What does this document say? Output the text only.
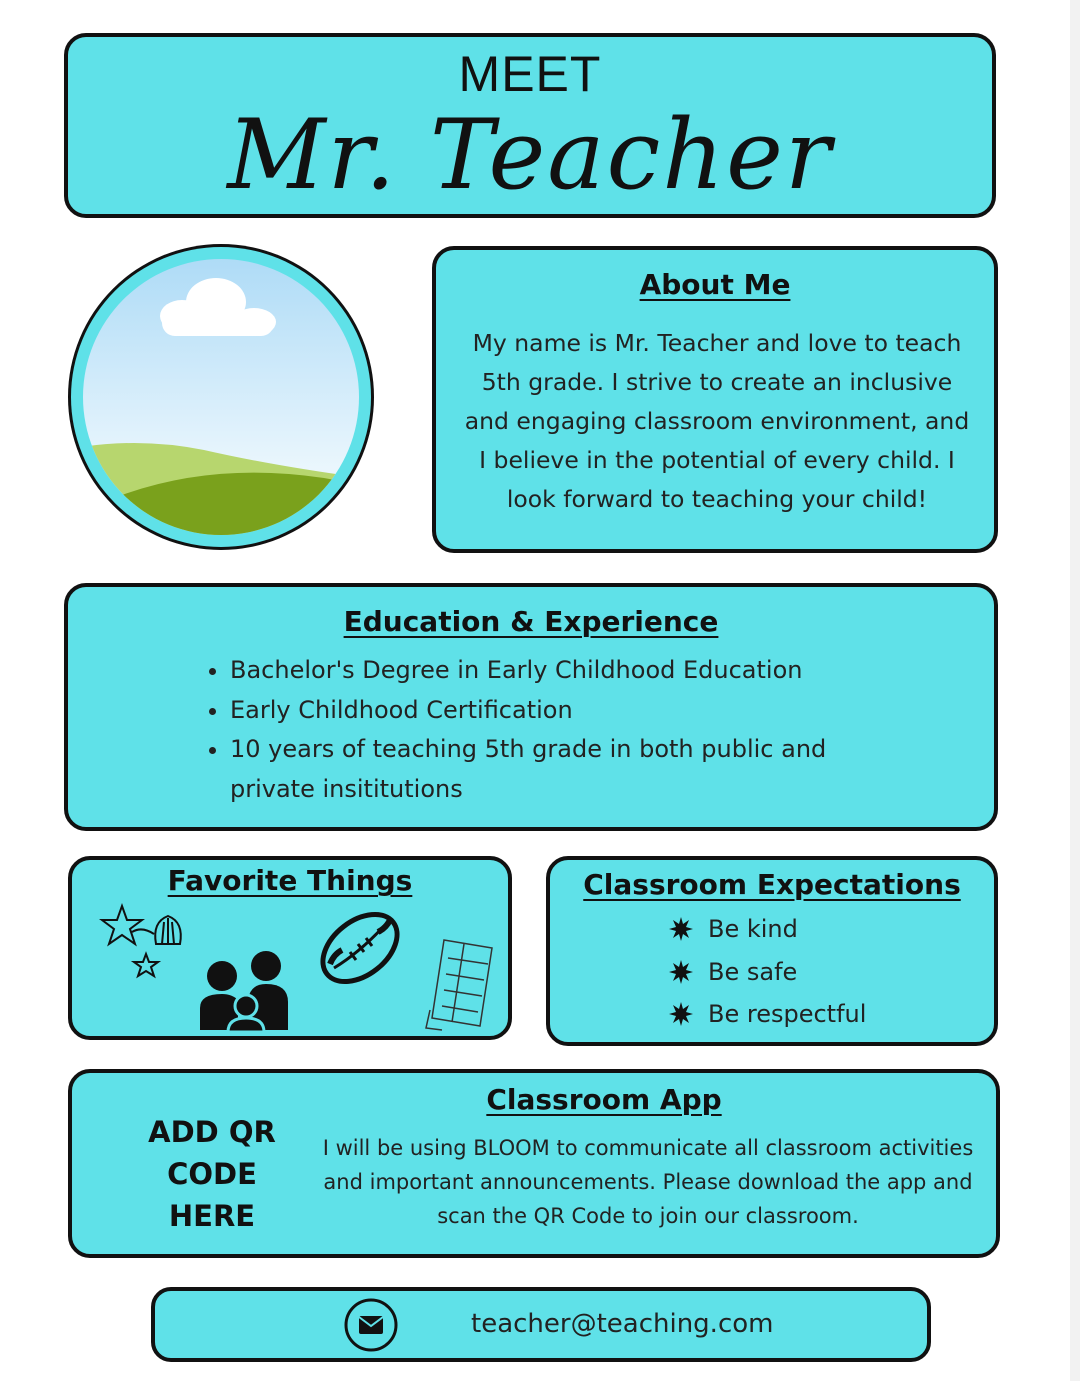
MEET
Mr. Teacher
About Me
My name is Mr. Teacher and love to teach 5th grade. I strive to create an inclusive and engaging classroom environment, and I believe in the potential of every child. I look forward to teaching your child!
Education & Experience
• Bachelor's Degree in Early Childhood Education
• Early Childhood Certification
• 10 years of teaching 5th grade in both public and private insititutions
Favorite Things	Classroom Expectations
Be kind
Be safe
Be respectful
Classroom App
ADD QR
CODE
HERE
I will be using BLOOM to communicate all classroom activities and important announcements. Please download the app and scan the QR Code to join our classroom.
teacher@teaching.com
